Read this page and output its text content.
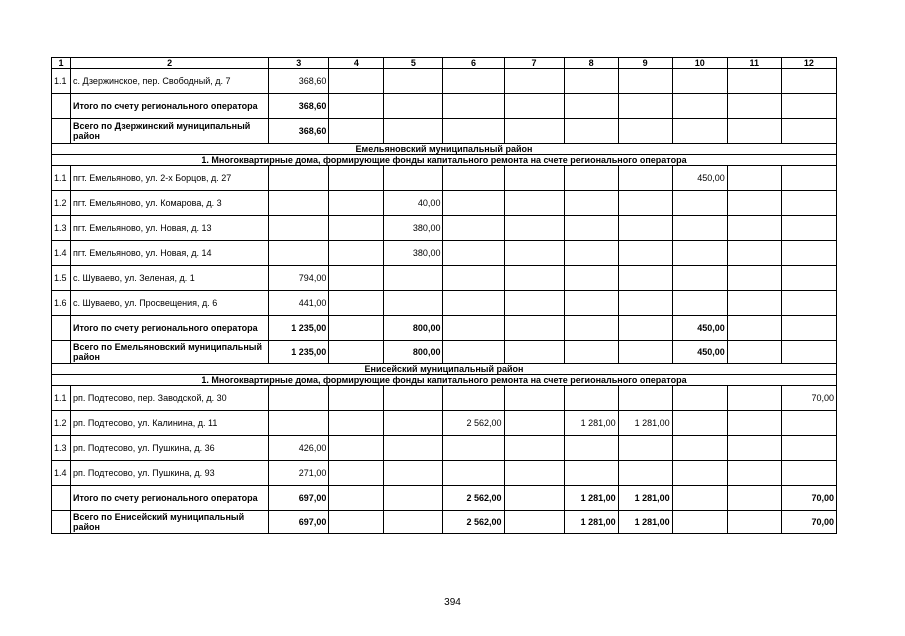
1	2	3	4	5	6	7	8	9	10	11	12
1.1	с. Дзержинское, пер. Свободный, д. 7	368,60									
	Итого по счету регионального оператора	368,60									
	Всего по Дзержинский муниципальный район	368,60									
Емельяновский муниципальный район											
1. Многоквартирные дома, формирующие фонды капитального ремонта на счете регионального оператора											
1.1	пгт. Емельяново, ул. 2-х Борцов, д. 27								450,00		
1.2	пгт. Емельяново, ул. Комарова, д. 3			40,00							
1.3	пгт. Емельяново, ул. Новая, д. 13			380,00							
1.4	пгт. Емельяново, ул. Новая, д. 14			380,00							
1.5	с. Шуваево, ул. Зеленая, д. 1	794,00									
1.6	с. Шуваево, ул. Просвещения, д. 6	441,00									
	Итого по счету регионального оператора	1 235,00		800,00					450,00		
	Всего по Емельяновский муниципальный район	1 235,00		800,00					450,00		
Енисейский муниципальный район											
1. Многоквартирные дома, формирующие фонды капитального ремонта на счете регионального оператора											
1.1	рп. Подтесово, пер. Заводской, д. 30										70,00
1.2	рп. Подтесово, ул. Калинина, д. 11				2 562,00		1 281,00	1 281,00			
1.3	рп. Подтесово, ул. Пушкина, д. 36	426,00									
1.4	рп. Подтесово, ул. Пушкина, д. 93	271,00									
	Итого по счету регионального оператора	697,00			2 562,00		1 281,00	1 281,00			70,00
	Всего по Енисейский муниципальный район	697,00			2 562,00		1 281,00	1 281,00			70,00
394
